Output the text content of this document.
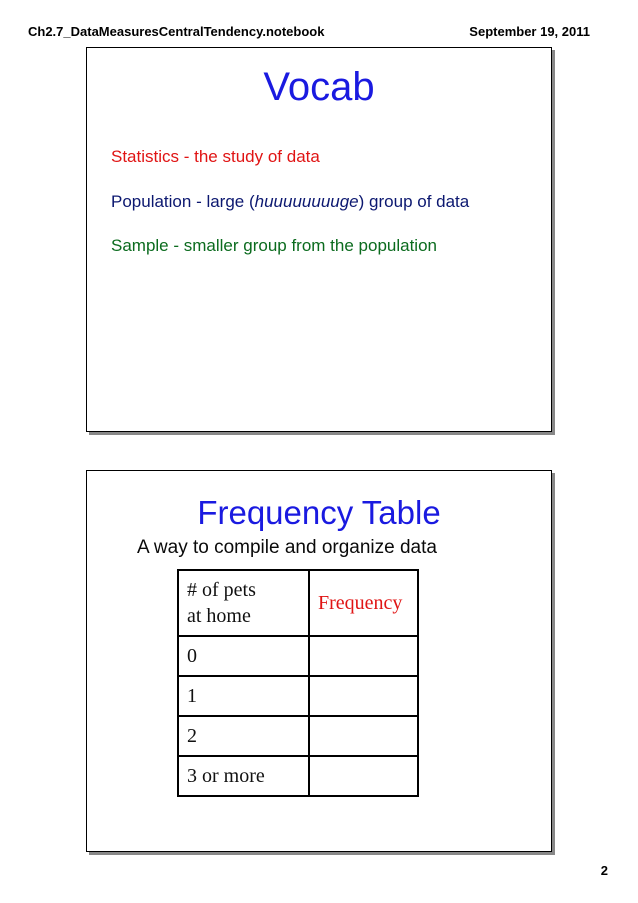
Ch2.7_DataMeasuresCentralTendency.notebook	September 19, 2011
Vocab
Statistics - the study of data
Population - large (huuuuuuuuge) group of data
Sample - smaller group from the population
Frequency Table
A way to compile and organize data
# of pets
at home	Frequency
0	
1	
2	
3 or more	
2
